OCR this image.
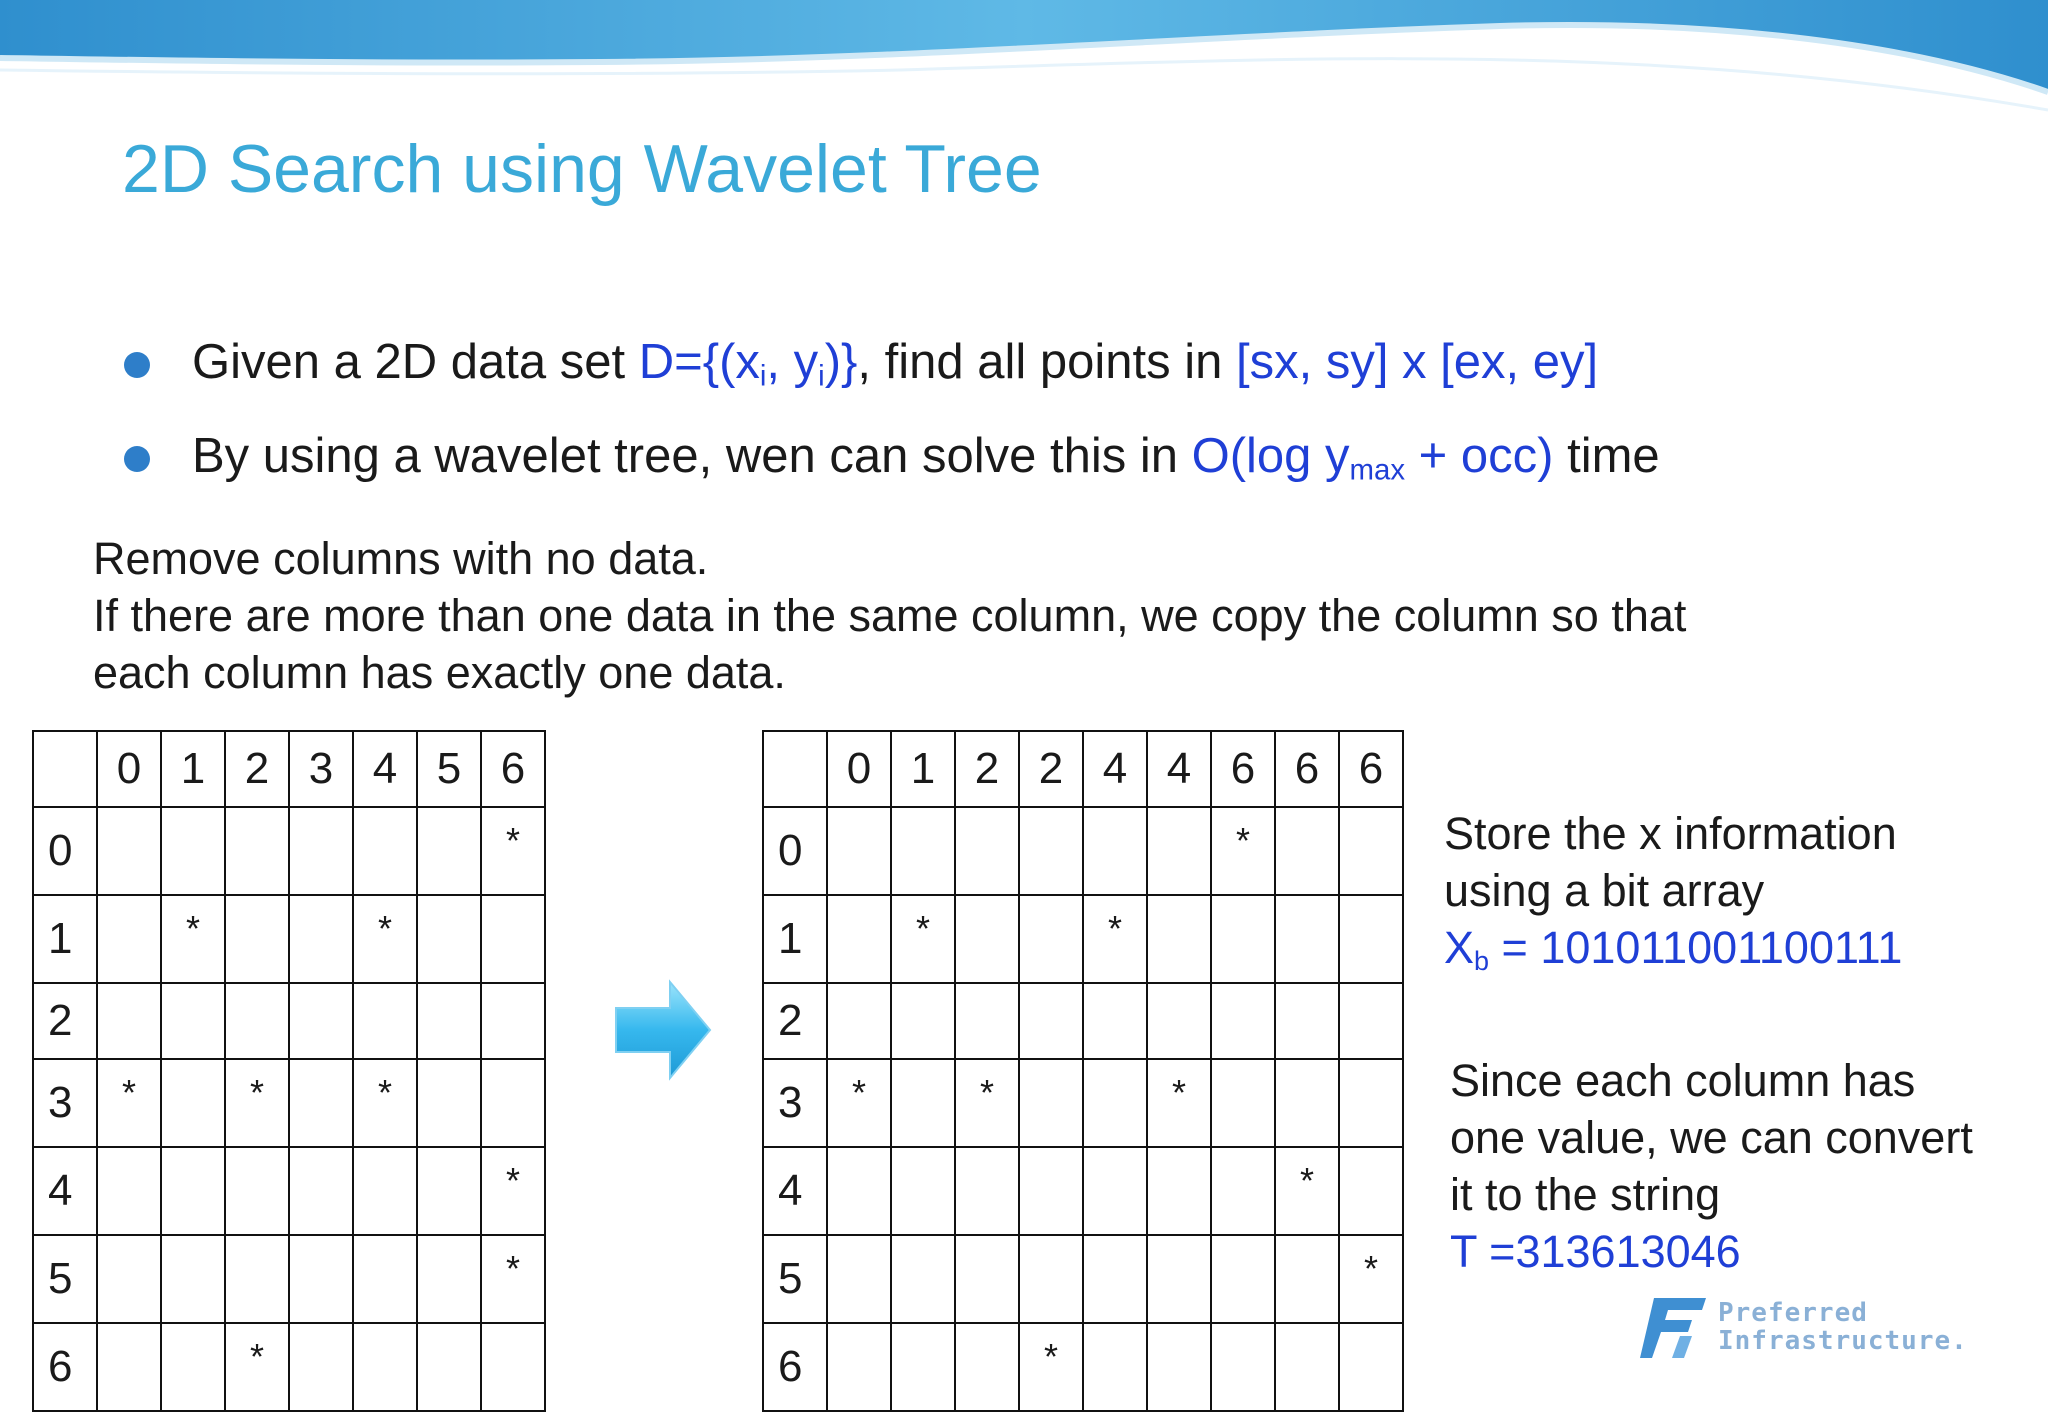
2D Search using Wavelet Tree
Given a 2D data set $D=\{(x_i$, $y_i$)}, find all points in [sx, sy] x [ex, ey]
By using a wavelet tree, wen can solve this in O(log $y_{max} + occ$) time
Remove columns with no data.
If there are more than one data in the same column, we copy the column so that
each column has exactly one data.
	0	1	2	3	4	5	6
0							*
1		*			*		
2							
3	*		*		*		
4							*
5							*
6			*				
	0	1	2	2	4	4	6	6	6
0							*		
1		*			*				
2									
3	*		*			*			
4								*	
5									*
6				*					
Store the x information
using a bit array
$X_b = 101011001100111$
Since each column has
one value, we can convert
it to the string
T =313613046
Preferred
Infrastructure.
